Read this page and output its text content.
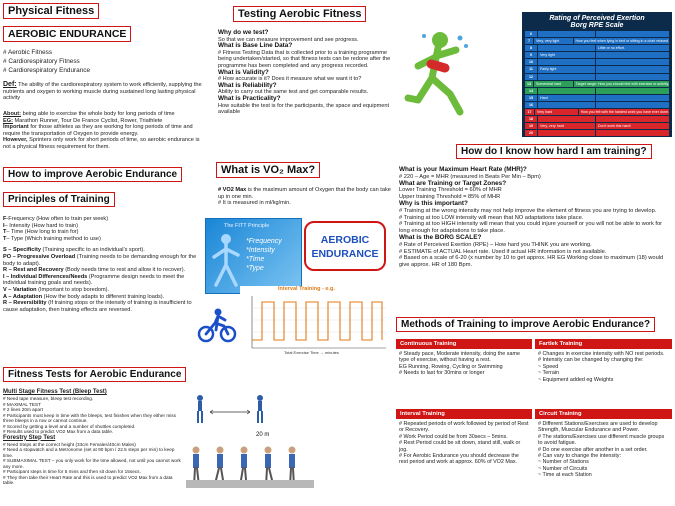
Physical Fitness
AEROBIC ENDURANCE
# Aerobic Fitness
# Cardiorespiratory Fitness
# Cardiorespiratory Endurance
Def: The ability of the cardiorespiratory system to work efficiently, supplying the nutrients and oxygen to working muscle during sustained long lasting physical activity
About: being able to exercise the whole body for long periods of time
EG: Marathon Runner, Tour De France Cyclist, Rower, Triathlete
Important for those athletes as they are working for long periods of time and require the transportation of Oxygen to provide energy.
However, Sprinters only work for short periods of time, so aerobic endurance is not a physical fitness requirement for them.
How to improve Aerobic Endurance
Principles of Training
F-Frequency (How often to train per week)
I– Intensity (How hard to train)
T– Time (How long to train for)
T– Type (Which training method to use)
S – Specificity (Training specific to an individual’s sport).
PO – Progressive Overload (Training needs to be demanding enough for the body to adapt).
R – Rest and Recovery (Body needs time to rest and allow it to recover).
I – Individual Differences/Needs (Programme design needs to meet the individual training goals and needs).
V – Variation (Important to stop boredom).
A – Adaptation (How the body adapts to different training loads).
R – Reversibility (If training stops or the intensity of training is insufficient to cause adaptation, then training effects are reversed.
Fitness Tests for Aerobic Endurance
Multi Stage Fitness Test (Bleep Test)
# Need tape measure, bleep test recording.
# MAXIMAL TEST
# 2 lines 20m apart
# Participants must keep in time with the bleeps, test finishes when they either miss three bleeps in a row or cannot continue.
# Scored by getting a level and a number of shuttles completed.
# Results used to predict VO2 Max from a data table.
Forestry Step Test
# Need Steps at the correct height (33cm Females/40cm Males)
# Need a stopwatch and a Metronome (set at 90 bpm / 22.5 steps per min) to keep time.
# SUBMAXIMAL TEST – you only work for the time allowed, not until you cannot work any more.
# Participant steps in time for 5 mins and then sit down for 15secs.
# They then take their Heart Rate and this is used to predict VO2 Max from a data table.
Testing Aerobic Fitness
Why do we test?
So that we can measure improvement and see progress.
What is Base Line Data?
# Fitness Testing Data that is collected prior to a training programme being undertaken/started, so that fitness tests can be redone after the programme has been completed and any progress recorded.
What is Validity?
# How accurate is it? Does it measure what we want it to?
What is Reliability?
Ability to carry out the same test and get comparable results.
What is Practicality?
How suitable the test is for the participants, the space and equipment available
What is VO₂ Max?
# VO2 Max is the maximum amount of Oxygen that the body can take up in one min.
# It is measured in ml/kg/min.
The FITT Principle
*Frequency
*Intensity
*Time
*Type
AEROBIC
ENDURANCE
Interval Training - e.g.
Total Exercise Time → minutes
20 m
Rating of Perceived Exertion
Borg RPE Scale
6
7	Very, very light	How you feel when lying in bed or sitting in a chair relaxed.
8	Little or no effort.
9	Very light
10
11	Fairly light
12
13	Somewhat hard	Target range: How you should feel with exercise or activity.
14
15	Hard
16
17	Very hard	How you felt with the hardest work you have ever done.
18
19	Very, very hard	Don't work this hard!
20
How do I know how hard I am training?
What is your Maximum Heart Rate (MHR)?
# 220 – Age = MHR (measured in Beats Per Min – Bpm)
What are Training or Target Zones?
Lower Training Threshold = 60% of MHR
Upper training Threshold = 85% of MHR
Why is this important?
# Training at the wrong intensity may not help improve the element of fitness you are trying to develop.
# Training at too LOW intensity will mean that NO adaptations take place.
# Training at too HIGH intensity will mean that you could injure yourself or you will not be able to work for long enough for adaptations to take place.
What is the BORG SCALE?
# Rate of Perceived Exertion (RPE) – How hard you THINK you are working.
# ESTIMATE of ACTUAL Heart rate. Used if actual HR information is not available.
# Based on a scale of 6-20 (x number by 10 to get approx. HR EG Working close to maximum (18) would give approx. HR of 180 Bpm.
Methods of Training to improve Aerobic Endurance?
Continuous Training
# Steady pace, Moderate intensity, doing the same type of exercise, without having a rest.
EG Running, Rowing, Cycling or Swimming
# Needs to last for 30mins or longer
Fartlek Training
# Changes in exercise intensity with NO rest periods.
# Intensity can be changed by changing the:
~ Speed
~ Terrain
~ Equipment added eg Weights
Interval Training
# Repeated periods of work followed by period of Rest or Recovery.
# Work Period could be from 30secs – 5mins.
# Rest Period could be sit down, stand still, walk or jog.
# For Aerobic Endurance you should decrease the rest period and work at approx. 60% of VO2 Max.
Circuit Training
# Different Stations/Exercises are used to develop Strength, Muscular Endurance and Power.
# The stations/Exercises use different muscle groups to avoid fatigue.
# Do one exercise after another in a set order.
# Can vary to change the intensity:
~ Number of Stations
~ Number of Circuits
~ Time at each Station
